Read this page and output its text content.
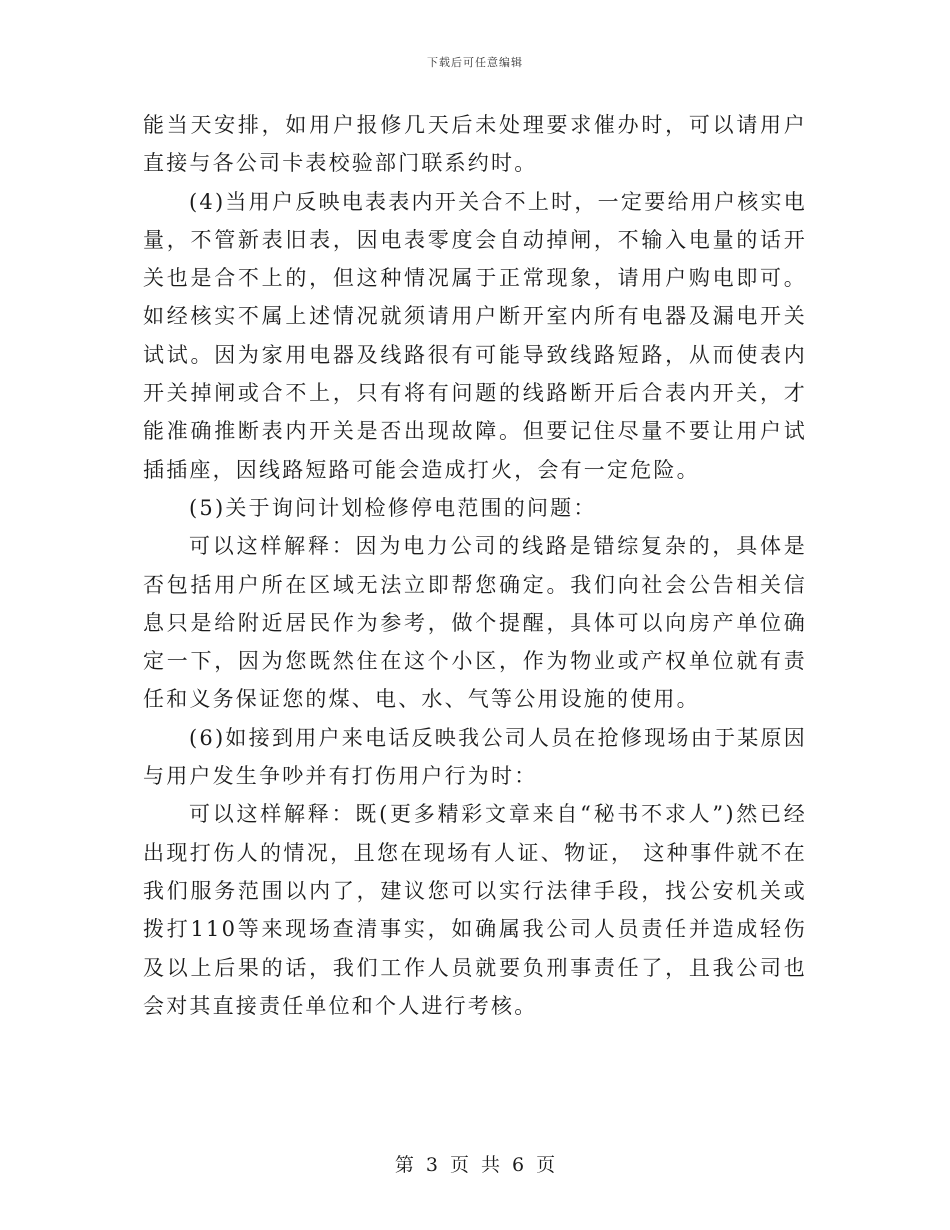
下载后可任意编辑

能当天安排，如用户报修几天后未处理要求催办时，可以请用户直接与各公司卡表校验部门联系约时。

(4)当用户反映电表表内开关合不上时，一定要给用户核实电量，不管新表旧表，因电表零度会自动掉闸，不输入电量的话开关也是合不上的，但这种情况属于正常现象，请用户购电即可。如经核实不属上述情况就须请用户断开室内所有电器及漏电开关试试。因为家用电器及线路很有可能导致线路短路，从而使表内开关掉闸或合不上，只有将有问题的线路断开后合表内开关，才能准确推断表内开关是否出现故障。但要记住尽量不要让用户试插插座，因线路短路可能会造成打火，会有一定危险。

(5)关于询问计划检修停电范围的问题：

可以这样解释：因为电力公司的线路是错综复杂的，具体是否包括用户所在区域无法立即帮您确定。我们向社会公告相关信息只是给附近居民作为参考，做个提醒，具体可以向房产单位确定一下，因为您既然住在这个小区，作为物业或产权单位就有责任和义务保证您的煤、电、水、气等公用设施的使用。

(6)如接到用户来电话反映我公司人员在抢修现场由于某原因与用户发生争吵并有打伤用户行为时：

可以这样解释：既(更多精彩文章来自“秘书不求人”)然已经出现打伤人的情况，且您在现场有人证、物证， 这种事件就不在我们服务范围以内了，建议您可以实行法律手段，找公安机关或拨打110等来现场查清事实，如确属我公司人员责任并造成轻伤及以上后果的话，我们工作人员就要负刑事责任了，且我公司也会对其直接责任单位和个人进行考核。

第 3 页 共 6 页
